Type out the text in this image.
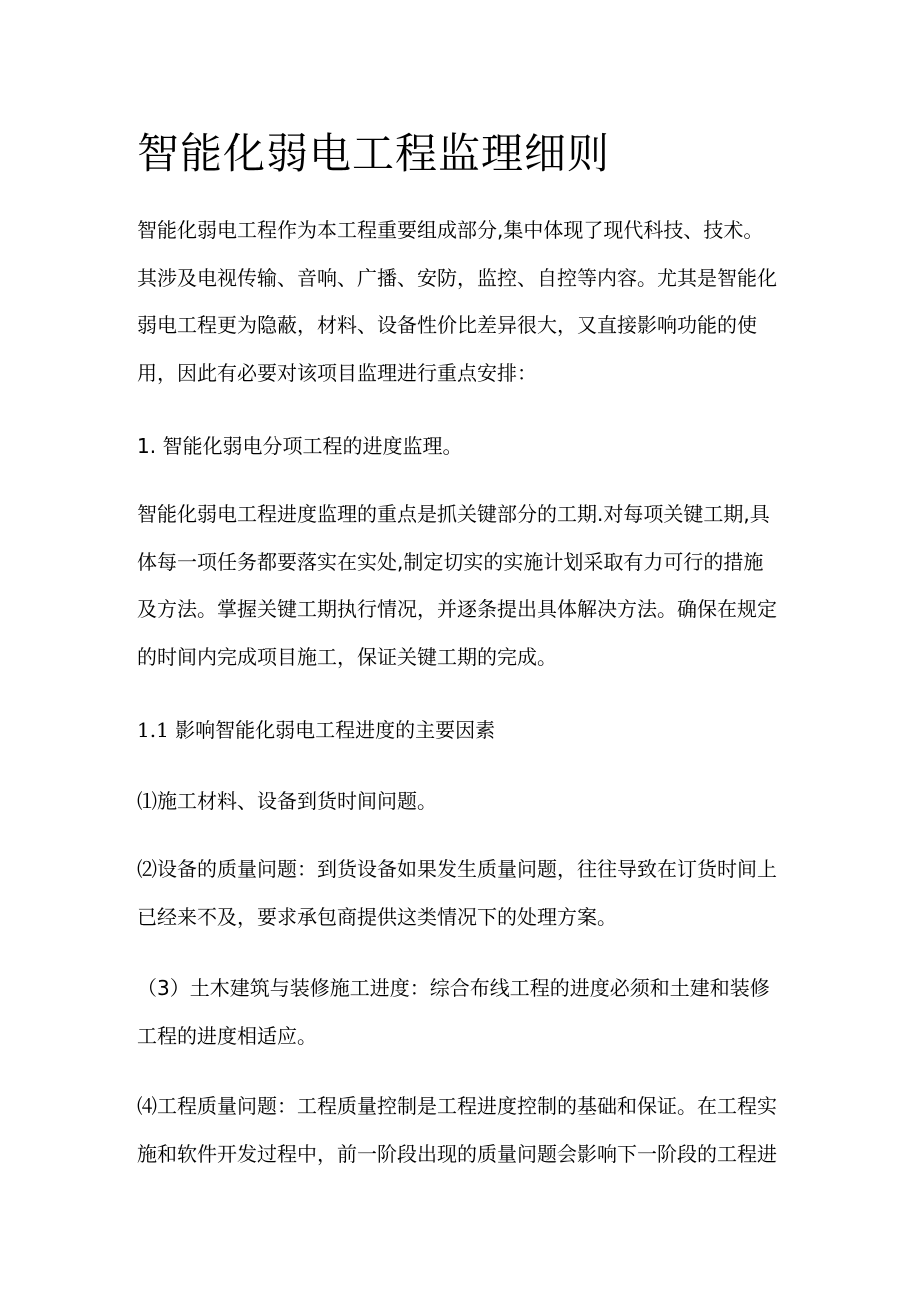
智能化弱电工程监理细则
智能化弱电工程作为本工程重要组成部分,集中体现了现代科技、技术。
其涉及电视传输、音响、广播、安防，监控、自控等内容。尤其是智能化
弱电工程更为隐蔽，材料、设备性价比差异很大，又直接影响功能的使
用，因此有必要对该项目监理进行重点安排：
1. 智能化弱电分项工程的进度监理。
智能化弱电工程进度监理的重点是抓关键部分的工期.对每项关键工期,具
体每一项任务都要落实在实处,制定切实的实施计划采取有力可行的措施
及方法。掌握关键工期执行情况，并逐条提出具体解决方法。确保在规定
的时间内完成项目施工，保证关键工期的完成。
1.1 影响智能化弱电工程进度的主要因素
⑴施工材料、设备到货时间问题。
⑵设备的质量问题：到货设备如果发生质量问题，往往导致在订货时间上
已经来不及，要求承包商提供这类情况下的处理方案。
（3）土木建筑与装修施工进度：综合布线工程的进度必须和土建和装修
工程的进度相适应。
⑷工程质量问题：工程质量控制是工程进度控制的基础和保证。在工程实
施和软件开发过程中，前一阶段出现的质量问题会影响下一阶段的工程进
